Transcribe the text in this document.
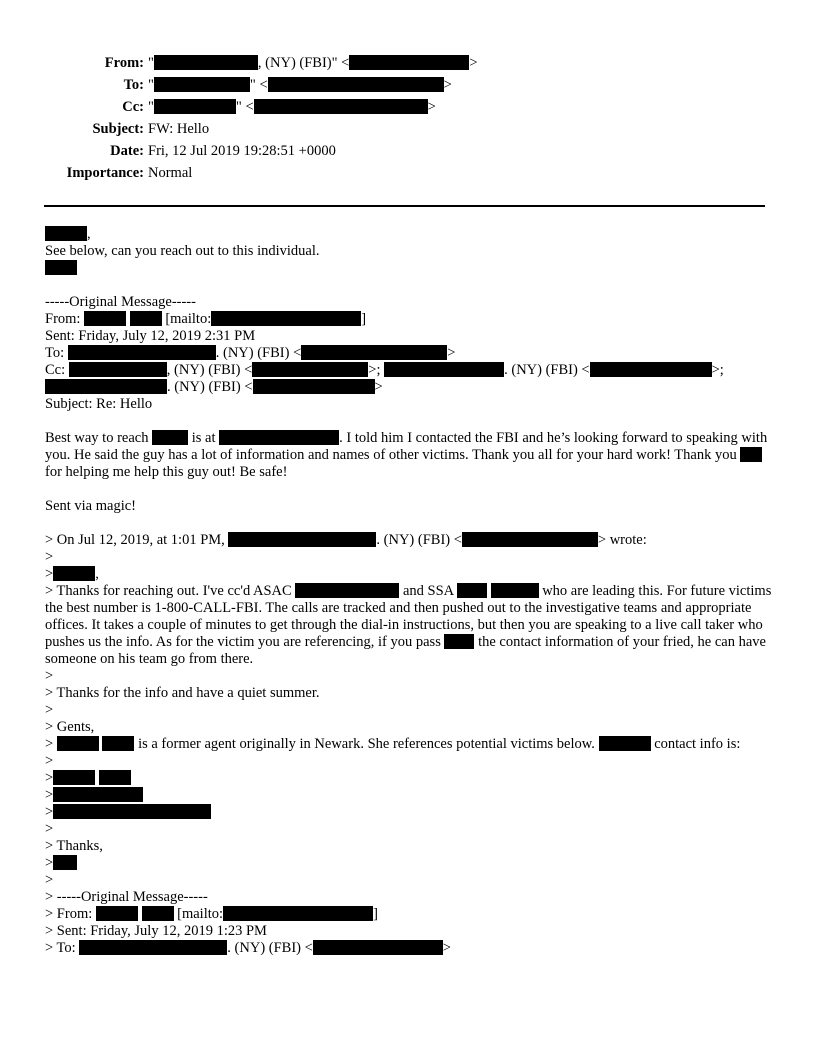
From: "	, (NY) (FBI)" <	>
To: "	" <	>
Cc: "	" <	>
Subject: FW: Hello
Date: Fri, 12 Jul 2019 19:28:51 +0000
Importance: Normal
,
See below, can you reach out to this individual.
-----Original Message-----
From:	[mailto:	]
Sent: Friday, July 12, 2019 2:31 PM
To:	. (NY) (FBI) <	>
Cc:	, (NY) (FBI) <	>;	. (NY) (FBI) <	>;
. (NY) (FBI) <	>
Subject: Re: Hello
Best way to reach  is at	. I told him I contacted the FBI and he’s looking forward to speaking with you. He said the guy has a lot of information and names of other victims. Thank you all for your hard work! Thank you  for helping me help this guy out! Be safe!
Sent via magic!
> On Jul 12, 2019, at 1:01 PM,	. (NY) (FBI) <	> wrote:
>
>	,
> Thanks for reaching out. I've cc'd ASAC	and SSA	who are leading this. For future victims the best number is 1-800-CALL-FBI. The calls are tracked and then pushed out to the investigative teams and appropriate offices. It takes a couple of minutes to get through the dial-in instructions, but then you are speaking to a live call taker who pushes us the info. As for the victim you are referencing, if you pass  the contact information of your fried, he can have someone on his team go from there.
>
> Thanks for the info and have a quiet summer.
>
> Gents,
>	is a former agent originally in Newark. She references potential victims below.	contact info is:
>
>
>
>
>
> Thanks,
>
>
> -----Original Message-----
> From:	[mailto:	]
> Sent: Friday, July 12, 2019 1:23 PM
> To:	. (NY) (FBI) <	>
